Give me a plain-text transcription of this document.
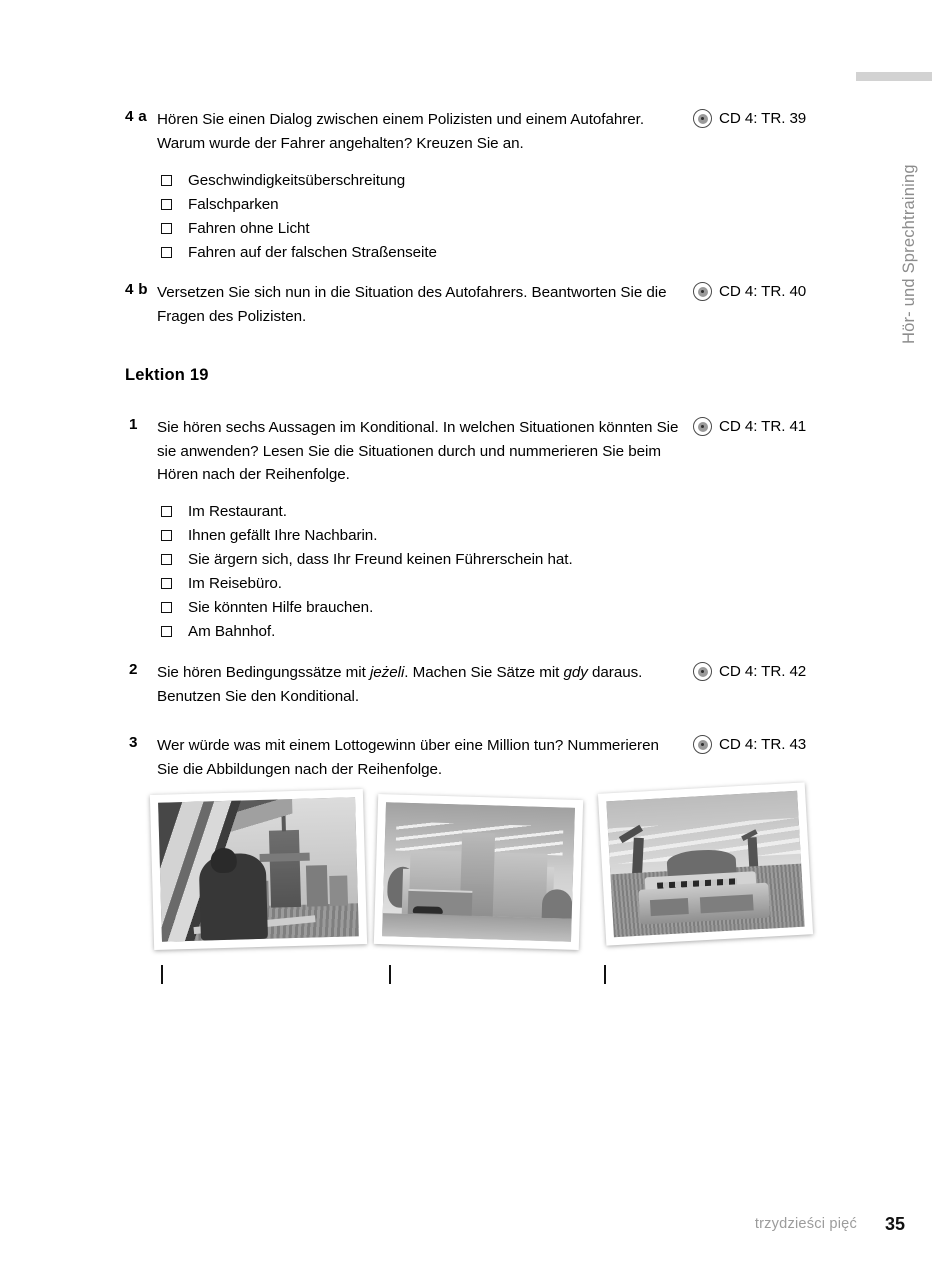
Hör- und Sprechtraining
4 a Hören Sie einen Dialog zwischen einem Polizisten und einem Autofahrer. Warum wurde der Fahrer angehalten? Kreuzen Sie an.
CD 4: TR. 39
Geschwindigkeitsüberschreitung
Falschparken
Fahren ohne Licht
Fahren auf der falschen Straßenseite
4 b Versetzen Sie sich nun in die Situation des Autofahrers. Beantworten Sie die Fragen des Polizisten.
CD 4: TR. 40
Lektion 19
1 Sie hören sechs Aussagen im Konditional. In welchen Situationen könnten Sie sie anwenden? Lesen Sie die Situationen durch und nummerieren Sie beim Hören nach der Reihenfolge.
CD 4: TR. 41
Im Restaurant.
Ihnen gefällt Ihre Nachbarin.
Sie ärgern sich, dass Ihr Freund keinen Führerschein hat.
Im Reisebüro.
Sie könnten Hilfe brauchen.
Am Bahnhof.
2 Sie hören Bedingungssätze mit jeżeli. Machen Sie Sätze mit gdy daraus. Benutzen Sie den Konditional.
CD 4: TR. 42
3 Wer würde was mit einem Lottogewinn über eine Million tun? Nummerieren Sie die Abbildungen nach der Reihenfolge.
CD 4: TR. 43
trzydzieści pięć 35
